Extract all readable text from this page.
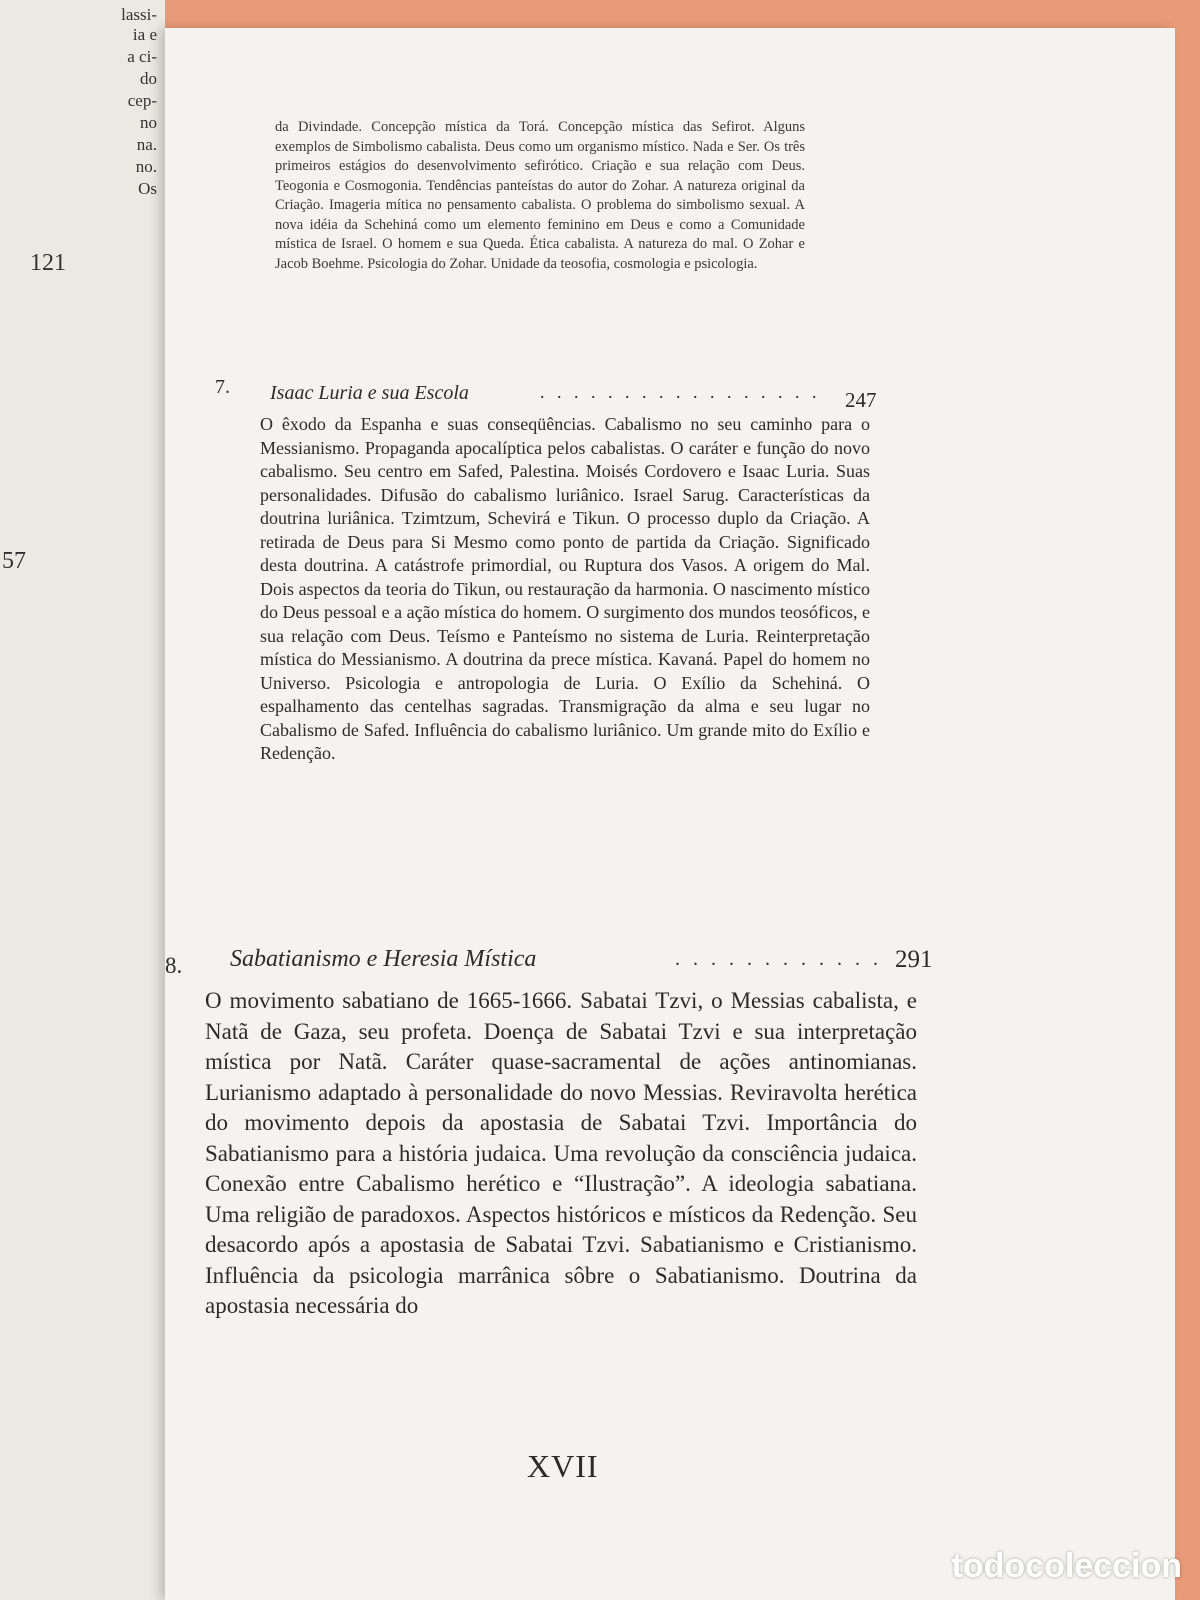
lassi-
ia e
a ci-
do
cep-
no
na.
no.
Os
121
57
da Divindade. Concepção mística da Torá. Concepção mística das Sefirot. Alguns exemplos de Simbolismo cabalista. Deus como um organismo místico. Nada e Ser. Os três primeiros estágios do desenvolvimento sefirótico. Criação e sua relação com Deus. Teogonia e Cosmogonia. Tendências panteístas do autor do Zohar. A natureza original da Criação. Imageria mítica no pensamento cabalista. O problema do simbolismo sexual. A nova idéia da Schehiná como um elemento feminino em Deus e como a Comunidade mística de Israel. O homem e sua Queda. Ética cabalista. A natureza do mal. O Zohar e Jacob Boehme. Psicologia do Zohar. Unidade da teosofia, cosmologia e psicologia.
7. Isaac Luria e sua Escola	. . . . . . . . . . . . . . . . . 247
O êxodo da Espanha e suas conseqüências. Cabalismo no seu caminho para o Messianismo. Propaganda apocalíptica pelos cabalistas. O caráter e função do novo cabalismo. Seu centro em Safed, Palestina. Moisés Cordovero e Isaac Luria. Suas personalidades. Difusão do cabalismo luriânico. Israel Sarug. Características da doutrina luriânica. Tzimtzum, Schevirá e Tikun. O processo duplo da Criação. A retirada de Deus para Si Mesmo como ponto de partida da Criação. Significado desta doutrina. A catástrofe primordial, ou Ruptura dos Vasos. A origem do Mal. Dois aspectos da teoria do Tikun, ou restauração da harmonia. O nascimento místico do Deus pessoal e a ação mística do homem. O surgimento dos mundos teosóficos, e sua relação com Deus. Teísmo e Panteísmo no sistema de Luria. Reinterpretação mística do Messianismo. A doutrina da prece mística. Kavaná. Papel do homem no Universo. Psicologia e antropologia de Luria. O Exílio da Schehiná. O espalhamento das centelhas sagradas. Transmigração da alma e seu lugar no Cabalismo de Safed. Influência do cabalismo luriânico. Um grande mito do Exílio e Redenção.
8. Sabatianismo e Heresia Mística	. . . . . . . . . . . . 291
O movimento sabatiano de 1665-1666. Sabatai Tzvi, o Messias cabalista, e Natã de Gaza, seu profeta. Doença de Sabatai Tzvi e sua interpretação mística por Natã. Caráter quase-sacramental de ações antinomianas. Lurianismo adaptado à personalidade do novo Messias. Reviravolta herética do movimento depois da apostasia de Sabatai Tzvi. Importância do Sabatianismo para a história judaica. Uma revolução da consciência judaica. Conexão entre Cabalismo herético e “Ilustração”. A ideologia sabatiana. Uma religião de paradoxos. Aspectos históricos e místicos da Redenção. Seu desacordo após a apostasia de Sabatai Tzvi. Sabatianismo e Cristianismo. Influência da psicologia marrânica sôbre o Sabatianismo. Doutrina da apostasia necessária do
XVII
todocoleccion
